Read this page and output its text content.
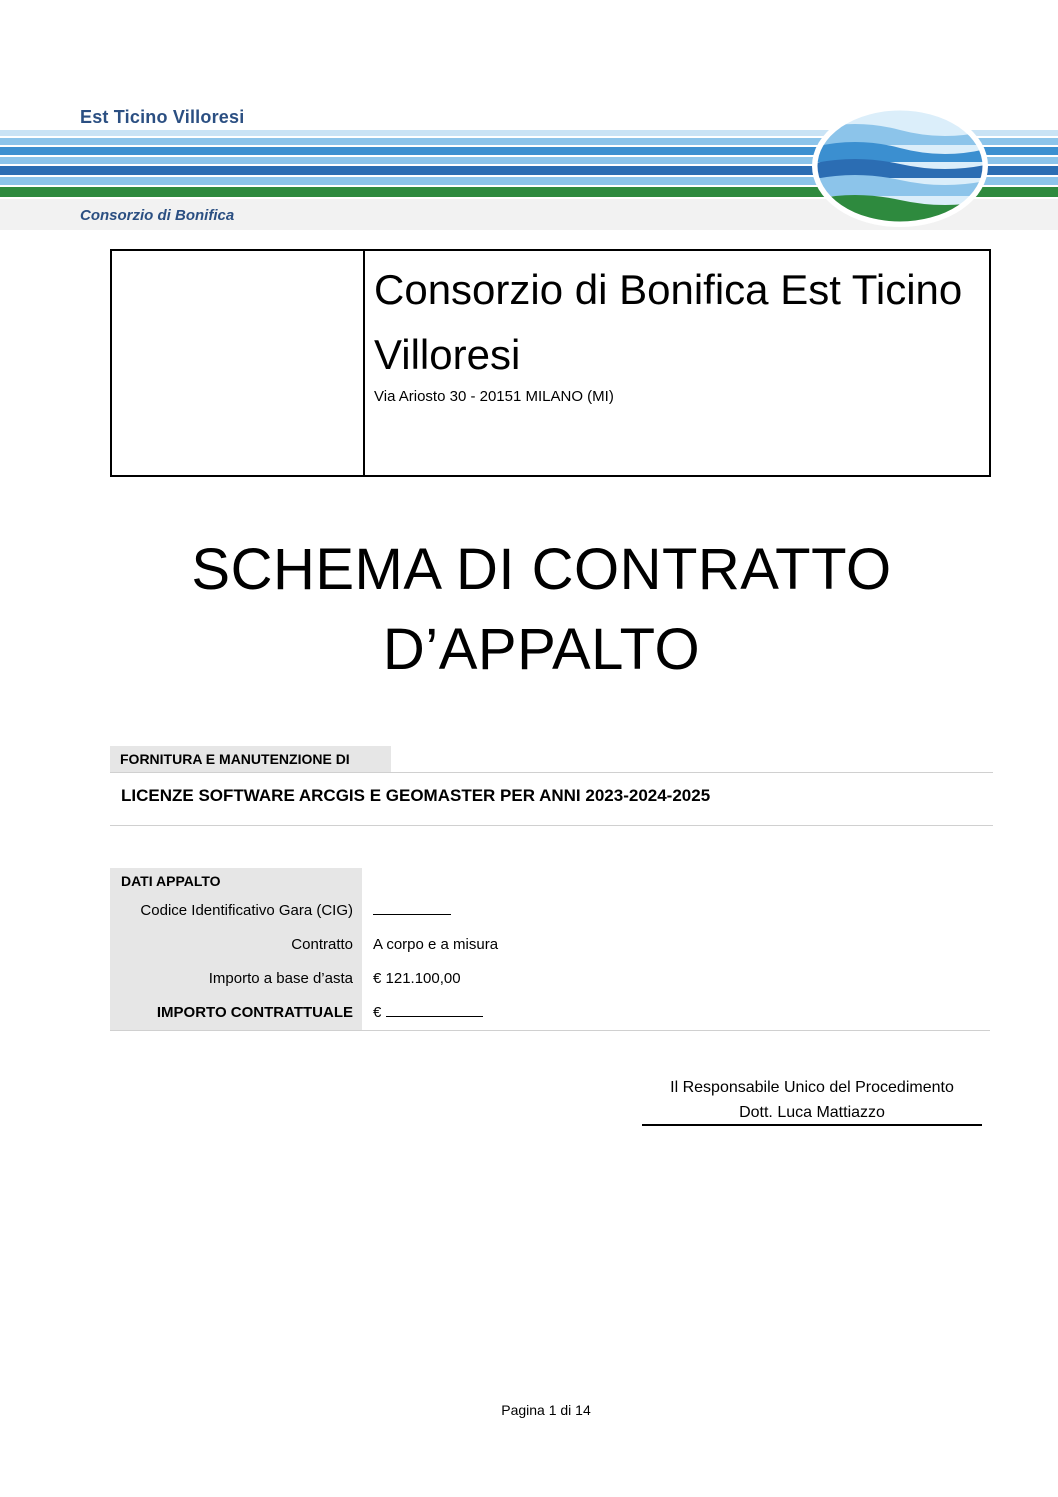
Est Ticino Villoresi
Consorzio di Bonifica
Consorzio di Bonifica Est Ticino Villoresi
Via Ariosto 30 - 20151 MILANO (MI)
SCHEMA DI CONTRATTO
D’APPALTO
FORNITURA E MANUTENZIONE DI
LICENZE SOFTWARE ARCGIS E GEOMASTER PER ANNI 2023-2024-2025
DATI APPALTO
Codice Identificativo Gara (CIG)
Contratto	A corpo e a misura
Importo a base d’asta	€ 121.100,00
IMPORTO CONTRATTUALE	€
Il Responsabile Unico del Procedimento
Dott. Luca Mattiazzo
Pagina 1 di 14
